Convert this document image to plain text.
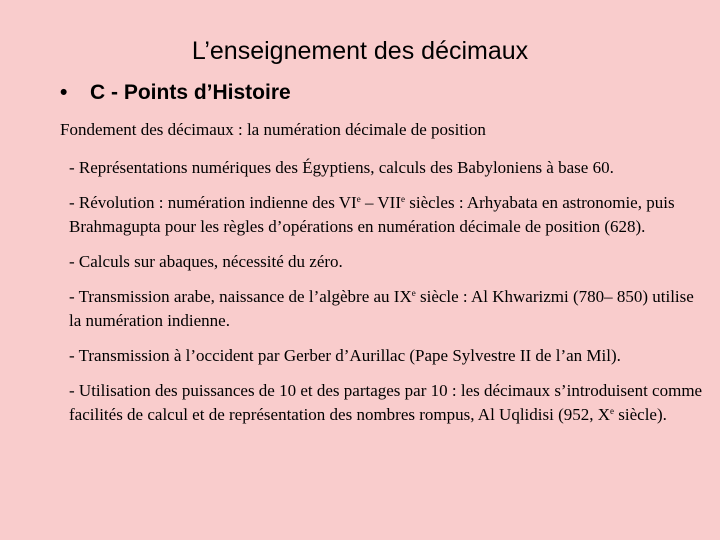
L’enseignement des décimaux
• C - Points d’Histoire
Fondement des décimaux : la numération décimale de position

- Représentations numériques des Égyptiens, calculs des Babyloniens à base 60.

- Révolution : numération indienne des VIe – VIIe siècles : Arhyabata en astronomie, puis Brahmagupta pour les règles d’opérations en numération décimale de position (628).

- Calculs sur abaques, nécessité du zéro.

- Transmission arabe, naissance de l’algèbre au IXe siècle : Al Khwarizmi (780– 850) utilise la numération indienne.

- Transmission à l’occident par Gerber d’Aurillac (Pape Sylvestre II de l’an Mil).

- Utilisation des puissances de 10 et des partages par 10 : les décimaux s’introduisent comme facilités de calcul et de représentation des nombres rompus, Al Uqlidisi (952, Xe siècle).
